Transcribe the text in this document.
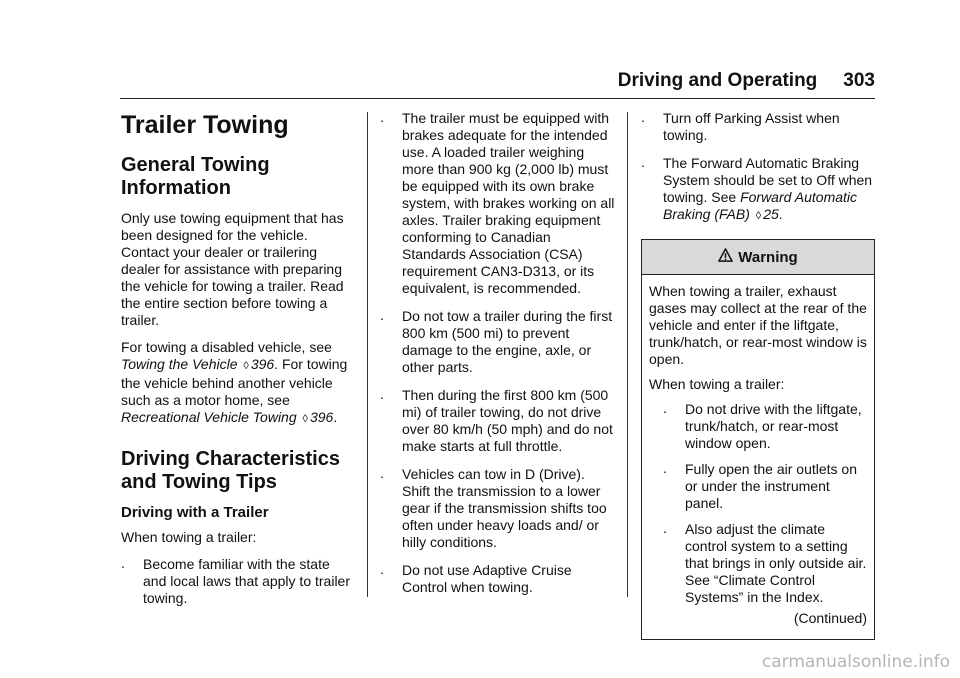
Driving and Operating 303
Trailer Towing
General Towing
Information

Only use towing equipment that has been designed for the vehicle. Contact your dealer or trailering dealer for assistance with preparing the vehicle for towing a trailer. Read the entire section before towing a trailer.

For towing a disabled vehicle, see Towing the Vehicle ◊ 396. For towing the vehicle behind another vehicle such as a motor home, see Recreational Vehicle Towing ◊ 396.

Driving Characteristics
and Towing Tips
Driving with a Trailer

When towing a trailer:

. Become familiar with the state and local laws that apply to trailer towing.
. The trailer must be equipped with brakes adequate for the intended use. A loaded trailer weighing more than 900 kg (2,000 lb) must be equipped with its own brake system, with brakes working on all axles. Trailer braking equipment conforming to Canadian Standards Association (CSA) requirement CAN3-D313, or its equivalent, is recommended.
. Do not tow a trailer during the first 800 km (500 mi) to prevent damage to the engine, axle, or other parts.
. Then during the first 800 km (500 mi) of trailer towing, do not drive over 80 km/h (50 mph) and do not make starts at full throttle.
. Vehicles can tow in D (Drive). Shift the transmission to a lower gear if the transmission shifts too often under heavy loads and/ or hilly conditions.
. Do not use Adaptive Cruise Control when towing.
. Turn off Parking Assist when towing.
. The Forward Automatic Braking System should be set to Off when towing. See Forward Automatic Braking (FAB) ◊ 25.
Warning

When towing a trailer, exhaust gases may collect at the rear of the vehicle and enter if the liftgate, trunk/hatch, or rear-most window is open.

When towing a trailer:

. Do not drive with the liftgate, trunk/hatch, or rear-most window open.
. Fully open the air outlets on or under the instrument panel.
. Also adjust the climate control system to a setting that brings in only outside air. See “Climate Control Systems” in the Index.

(Continued)

carmanualsonline.info
